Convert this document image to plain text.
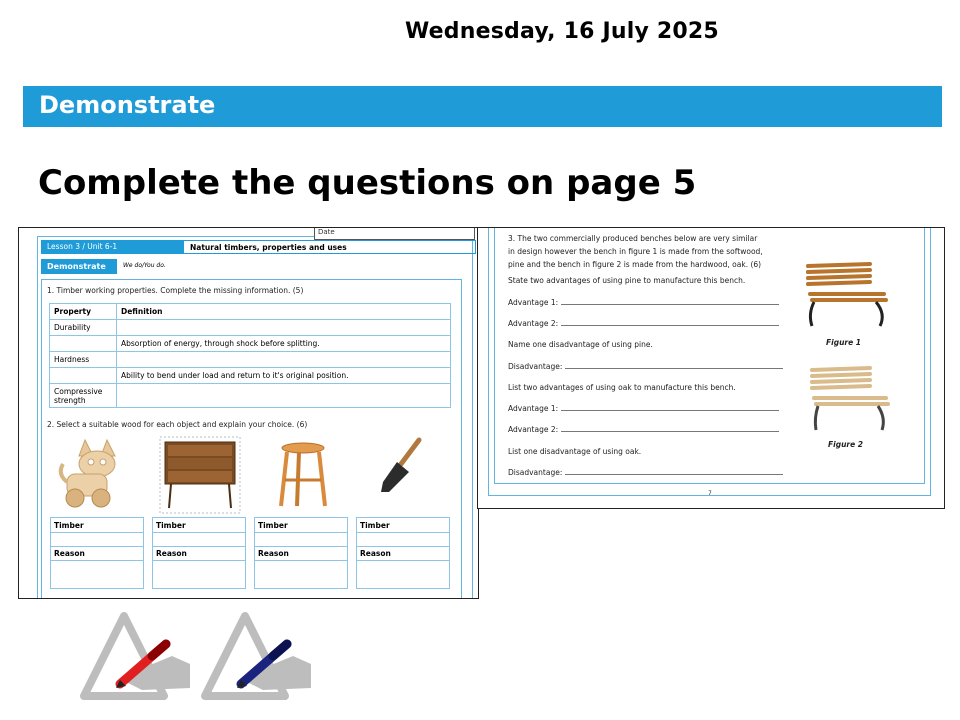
Wednesday, 16 July 2025
Demonstrate
Complete the questions on page 5
Date
Lesson 3 / Unit 6-1	Natural timbers, properties and uses
Demonstrate	We do/You do.
1. Timber working properties. Complete the missing information. (5)
Property	Definition
Durability	
	Absorption of energy, through shock before splitting.
Hardness	
	Ability to bend under load and return to it's original position.
Compressive strength	
2. Select a suitable wood for each object and explain your choice. (6)
Timber
Reason
Timber
Reason
Timber
Reason
Timber
Reason
3. The two commercially produced benches below are very similar
in design however the bench in figure 1 is made from the softwood,
pine and the bench in figure 2 is made from the hardwood, oak. (6)
State two advantages of using pine to manufacture this bench.
Advantage 1:
Advantage 2:
Name one disadvantage of using pine.
Disadvantage:
List two advantages of using oak to manufacture this bench.
Advantage 1:
Advantage 2:
List one disadvantage of using oak.
Disadvantage:
Figure 1
Figure 2
7
